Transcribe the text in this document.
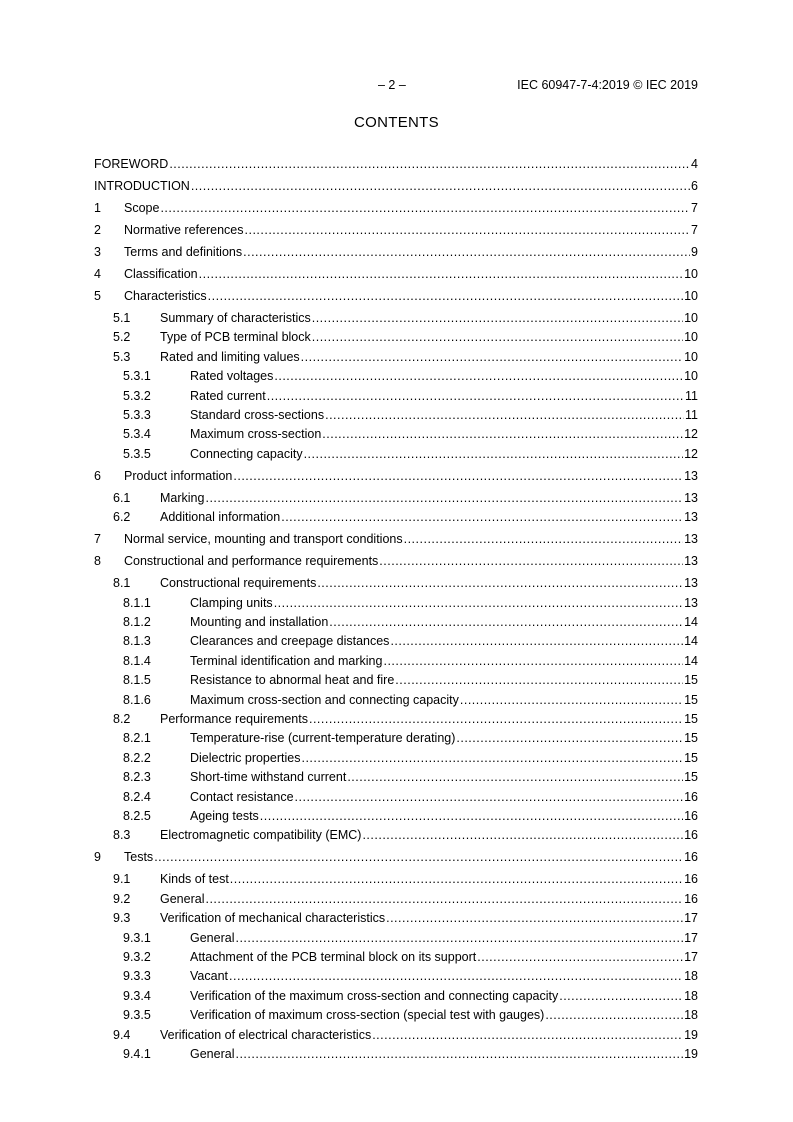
– 2 –	IEC 60947-7-4:2019 © IEC 2019
CONTENTS
FOREWORD .....	4
INTRODUCTION .....	6
1	Scope .....	7
2	Normative references .....	7
3	Terms and definitions .....	9
4	Classification .....	10
5	Characteristics .....	10
5.1	Summary of characteristics .....	10
5.2	Type of PCB terminal block .....	10
5.3	Rated and limiting values .....	10
5.3.1	Rated voltages .....	10
5.3.2	Rated current .....	11
5.3.3	Standard cross-sections .....	11
5.3.4	Maximum cross-section .....	12
5.3.5	Connecting capacity .....	12
6	Product information .....	13
6.1	Marking .....	13
6.2	Additional information .....	13
7	Normal service, mounting and transport conditions .....	13
8	Constructional and performance requirements .....	13
8.1	Constructional requirements .....	13
8.1.1	Clamping units .....	13
8.1.2	Mounting and installation .....	14
8.1.3	Clearances and creepage distances .....	14
8.1.4	Terminal identification and marking .....	14
8.1.5	Resistance to abnormal heat and fire .....	15
8.1.6	Maximum cross-section and connecting capacity .....	15
8.2	Performance requirements .....	15
8.2.1	Temperature-rise (current-temperature derating) .....	15
8.2.2	Dielectric properties .....	15
8.2.3	Short-time withstand current .....	15
8.2.4	Contact resistance .....	16
8.2.5	Ageing tests .....	16
8.3	Electromagnetic compatibility (EMC) .....	16
9	Tests .....	16
9.1	Kinds of test .....	16
9.2	General .....	16
9.3	Verification of mechanical characteristics .....	17
9.3.1	General .....	17
9.3.2	Attachment of the PCB terminal block on its support .....	17
9.3.3	Vacant .....	18
9.3.4	Verification of the maximum cross-section and connecting capacity .....	18
9.3.5	Verification of maximum cross-section (special test with gauges) .....	18
9.4	Verification of electrical characteristics .....	19
9.4.1	General .....	19
